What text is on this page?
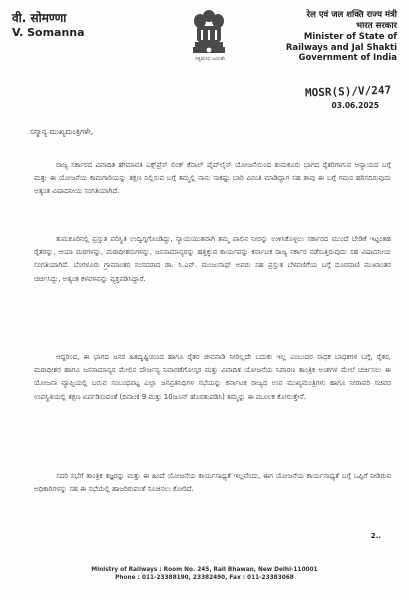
वी. सोमण्णा
V. Somanna
ಸತ್ಯಮೇವ ಜಯತೇ
रेल एवं जल शक्ति राज्य मंत्री
भारत सरकार
Minister of State of
Railways and Jal Shakti
Government of India
MOSR(S)/V/247
03.06.2025
ಸನ್ಮಾನ್ಯ ಮುಖ್ಯಮಂತ್ರಿಗಳೇ,

ರಾಜ್ಯ ಸರ್ಕಾರದ ವಿವಾದಿತ ಹೇಮಾವತಿ ಎಕ್ಸ್‌ಪ್ರೆಸ್ ಲಿಂಕ್ ಕೆನಾಲ್ ಪೈಪ್‌ಲೈನ್ ಯೋಜನೆಯಿಂದ ತುಮಕೂರು ಭಾಗದ ರೈತರಿಗಾಗುವ ಅನ್ಯಾಯದ ಬಗ್ಗೆ ಮತ್ತು ಈ ಯೋಜನೆಯ ಕಾಮಗಾರಿಯನ್ನು ತಕ್ಷಣ ನಿಲ್ಲಿಸುವ ಬಗ್ಗೆ ತಮ್ಮಲ್ಲಿ ನಾನು ಸಾಕಷ್ಟು ಬಾರಿ ವಿನಂತಿ ಮಾಡಿದ್ದಾಗ ಸಹ ತಾವು ಈ ಬಗ್ಗೆ ಗಮನ ಹರಿಸದಿರುವುದು ಅತ್ಯಂತ ವಿಷಾದನೀಯ ಸಂಗತಿಯಾಗಿದೆ.

ತುಮಕೂರಿನಲ್ಲಿ ಪ್ರಸ್ತುತ ಪರಿಸ್ಥಿತಿ ಉದ್ವಿಗ್ನಗೊಂಡಿದ್ದು, ನ್ಯಾಯಯುತವಾಗಿ ತಮ್ಮ ಪಾಲಿನ ನೀರನ್ನು ಉಳಿಸಿಕೊಳ್ಳಲು ಸರ್ಕಾರದ ಮುಂದೆ ಬೇಡಿಕೆ ಇಟ್ಟಂತಹ ರೈತರನ್ನು, ಆಯಾ ಮಠಗಳನ್ನು, ಮಠಾಧೀಶರುಗಳನ್ನು, ಜನಸಾಮಾನ್ಯರನ್ನು ಹತ್ತಿಕ್ಕುವ ಕಾರ್ಯವನ್ನು ಕರ್ನಾಟಕ ರಾಜ್ಯ ಸರ್ಕಾರ ನಡೆಸುತ್ತಿರುವುದು ಸಹ ವಿಷಾದನೀಯ ಸಂಗತಿಯಾಗಿದೆ. ಬೆಂಗಳೂರು ಗ್ರಾಮಾಂತರ ಸಂಸದರಾದ ಡಾ. ಸಿ.ಎನ್. ಮಂಜುನಾಥ್ ಅವರು ಸಹ ಪ್ರಸ್ತುತ ಬೆಳವಣಿಗೆಯ ಬಗ್ಗೆ ದೂರವಾಣಿ ಮುಖಾಂತರ ಚರ್ಚಿಸಿದ್ದು, ಅತ್ಯಂತ ಕಳವಳವನ್ನು ವ್ಯಕ್ತಪಡಿಸಿದ್ದಾರೆ.

ಆದ್ದರಿಂದ, ಈ ಭಾಗದ ಜನರ ಹಿತದೃಷ್ಟಿಯಿಂದ ಹಾಗೂ ರೈತರ ಜೀವನಾಡಿ ನೀರಿಲ್ಲದೇ ಬದುಕು ಇಲ್ಲ ಎಂಬುದರ ಸಾಧಕ ಬಾಧಕಗಳ ಬಗ್ಗೆ, ರೈತರ, ಮಠಾಧೀಶರ ಹಾಗೂ ಜನಸಾಮಾನ್ಯರ ಮೇಲಿನ ದೌರ್ಜನ್ಯ ನಿವಾರಣೆಗೋಸ್ಕರ ಮತ್ತು ವಿವಾದಿತ ಯೋಜನೆಯ ನಿವಾರಣ ತಾಂತ್ರಿಕ ಅಂಶಗಳ ಮೇಲೆ ಚರ್ಚಿಸಲು ಈ ಯೋಜನಾ ವ್ಯಾಪ್ತಿಯಲ್ಲಿ ಬರುವ ಸಂಬಂಧಪಟ್ಟ ಎಲ್ಲಾ ಜನಪ್ರತಿನಿಧಿಗಳ ಸಭೆಯನ್ನು ಕರ್ನಾಟಕ ರಾಜ್ಯದ ಉಪ ಮುಖ್ಯಮಂತ್ರಿಗಳು ಹಾಗೂ ನೀರಾವರಿ ಸಚಿವರ ಉಪಸ್ಥಿತಿಯಲ್ಲಿ ತಕ್ಷಣ ಏರ್ಪಡಿಸುವಂತೆ (ದಿನಾಂಕ 9 ಮತ್ತು 10ಜೂನ್ ಹೊರತುಪಡಿಸಿ) ತಮ್ಮನ್ನು ಈ ಮೂಲಕ ಕೋರುತ್ತೇನೆ.

ಸದರಿ ಸಭೆಗೆ ತಾಂತ್ರಿಕ ತಜ್ಞರನ್ನು ಮತ್ತು ಈ ಹಿಂದೆ ಯೋಜನೆಯ ಕಾರ್ಯಸಾಧ್ಯತೆ ಇಲ್ಲವೆಂದು, ಈಗ ಯೋಜನೆಯ ಕಾರ್ಯಸಾಧ್ಯತೆ ಬಗ್ಗೆ ಒಪ್ಪಿಗೆ ನೀಡಿರುವ ಅಧಿಕಾರಿಗಳನ್ನು ಸಹ ಈ ಸಭೆಯಲ್ಲಿ ಹಾಜರಿರುವಂತೆ ಸೂಚಿಸಲು ಕೋರಿದೆ.

2..
Ministry of Railways : Room No. 245, Rail Bhawan, New Delhi-110001
Phone : 011-23388190, 23382490, Fax : 011-23383068
